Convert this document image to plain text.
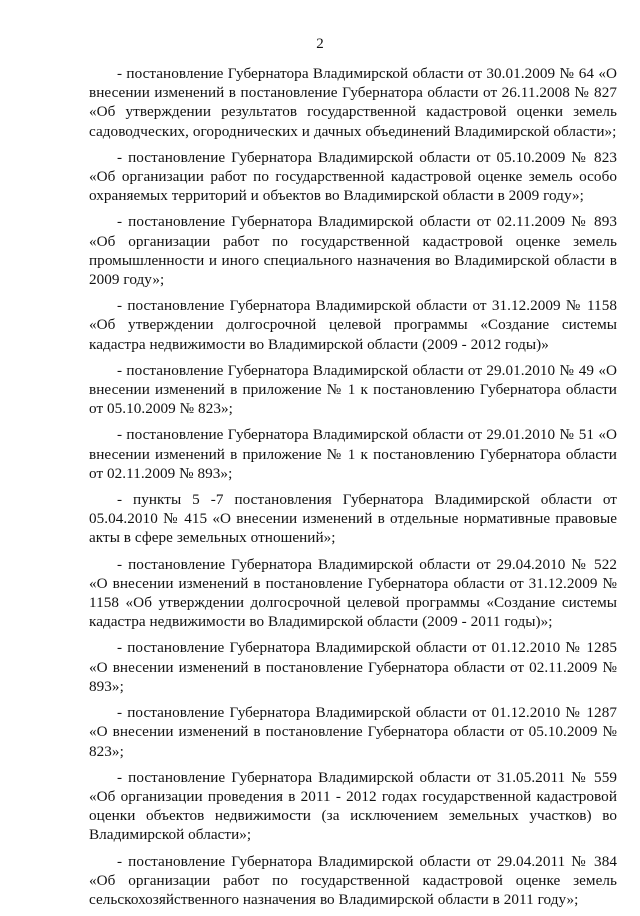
2

- постановление Губернатора Владимирской области от 30.01.2009 № 64 «О внесении изменений в постановление Губернатора области от 26.11.2008 № 827 «Об утверждении результатов государственной кадастровой оценки земель садоводческих, огороднических и дачных объединений Владимирской области»;

- постановление Губернатора Владимирской области от 05.10.2009 № 823 «Об организации работ по государственной кадастровой оценке земель особо охраняемых территорий и объектов во Владимирской области в 2009 году»;

- постановление Губернатора Владимирской области от 02.11.2009 № 893 «Об организации работ по государственной кадастровой оценке земель промышленности и иного специального назначения во Владимирской области в 2009 году»;

- постановление Губернатора Владимирской области от 31.12.2009 № 1158 «Об утверждении долгосрочной целевой программы «Создание системы кадастра недвижимости во Владимирской области (2009 - 2012 годы)»

- постановление Губернатора Владимирской области от 29.01.2010 № 49 «О внесении изменений в приложение № 1 к постановлению Губернатора области от 05.10.2009 № 823»;

- постановление Губернатора Владимирской области от 29.01.2010 № 51 «О внесении изменений в приложение № 1 к постановлению Губернатора области от 02.11.2009 № 893»;

- пункты 5 -7 постановления Губернатора Владимирской области от 05.04.2010 № 415 «О внесении изменений в отдельные нормативные правовые акты в сфере земельных отношений»;

- постановление Губернатора Владимирской области от 29.04.2010 № 522 «О внесении изменений в постановление Губернатора области от 31.12.2009 № 1158 «Об утверждении долгосрочной целевой программы «Создание системы кадастра недвижимости во Владимирской области (2009 - 2011 годы)»;

- постановление Губернатора Владимирской области от 01.12.2010 № 1285 «О внесении изменений в постановление Губернатора области от 02.11.2009 № 893»;

- постановление Губернатора Владимирской области от 01.12.2010 № 1287 «О внесении изменений в постановление Губернатора области от 05.10.2009 № 823»;

- постановление Губернатора Владимирской области от 31.05.2011 № 559 «Об организации проведения в 2011 - 2012 годах государственной кадастровой оценки объектов недвижимости (за исключением земельных участков) во Владимирской области»;

- постановление Губернатора Владимирской области от 29.04.2011 № 384 «Об организации работ по государственной кадастровой оценке земель сельскохозяйственного назначения во Владимирской области в 2011 году»;
